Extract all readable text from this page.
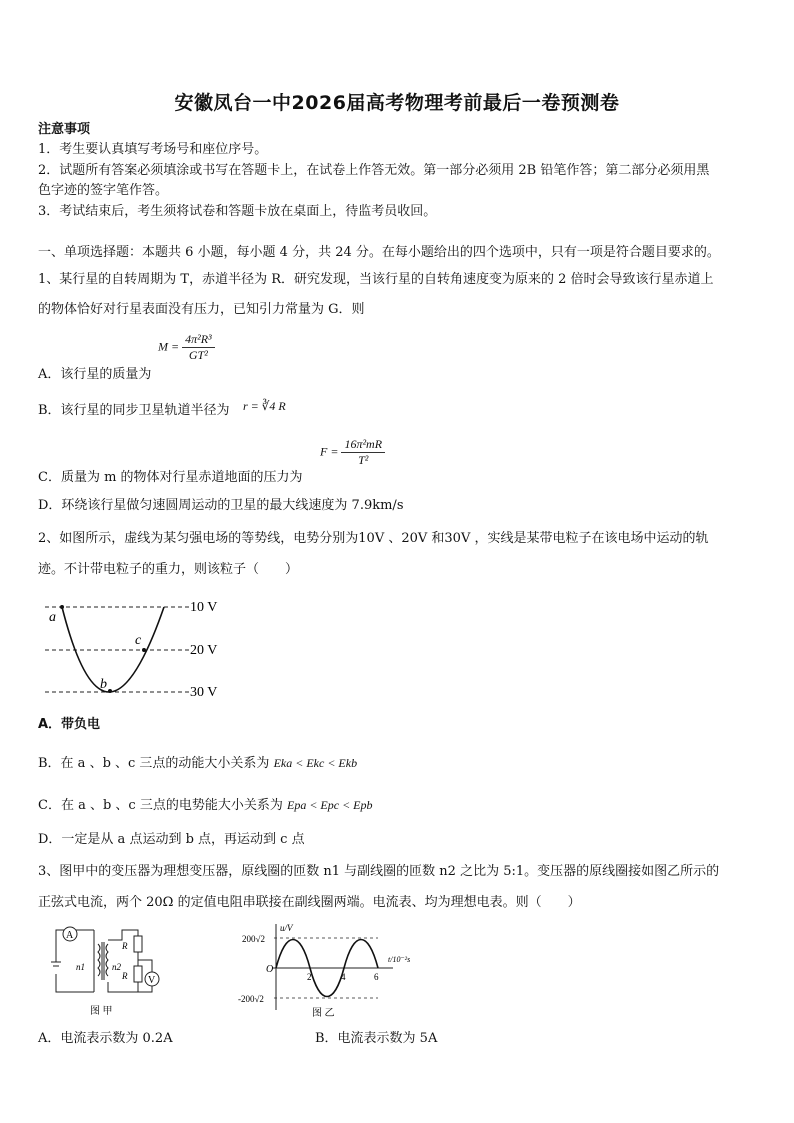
安徽凤台一中2026届高考物理考前最后一卷预测卷
注意事项
1．考生要认真填写考场号和座位序号。
2．试题所有答案必须填涂或书写在答题卡上，在试卷上作答无效。第一部分必须用 2B 铅笔作答；第二部分必须用黑
色字迹的签字笔作答。
3．考试结束后，考生须将试卷和答题卡放在桌面上，待监考员收回。
一、单项选择题：本题共 6 小题，每小题 4 分，共 24 分。在每小题给出的四个选项中，只有一项是符合题目要求的。
1、某行星的自转周期为 T，赤道半径为 R．研究发现，当该行星的自转角速度变为原来的 2 倍时会导致该行星赤道上
的物体恰好对行星表面没有压力，已知引力常量为 G．则
A．该行星的质量为
$M = \frac{\text{4π²R³}}{\text{GT²}}$
B．该行星的同步卫星轨道半径为 r = ∛4 R
C．质量为 m 的物体对行星赤道地面的压力为
$F = \frac{\text{16π²mR}}{\text{T²}}$
D．环绕该行星做匀速圆周运动的卫星的最大线速度为 7.9km/s
2、如图所示，虚线为某匀强电场的等势线，电势分别为10V 、20V 和30V ，实线是某带电粒子在该电场中运动的轨
迹。不计带电粒子的重力，则该粒子（　　）
a
b
c
10 V
20 V
30 V
A．带负电
B．在 a 、b 、c 三点的动能大小关系为 Eka < Ekc < Ekb
C．在 a 、b 、c 三点的电势能大小关系为 Epa < Epc < Epb
D．一定是从 a 点运动到 b 点，再运动到 c 点
3、图甲中的变压器为理想变压器，原线圈的匝数 n1 与副线圈的匝数 n2 之比为 5:1。变压器的原线圈接如图乙所示的
正弦式电流，两个 20Ω 的定值电阻串联接在副线圈两端。电流表、均为理想电表。则（　　）
A
n1	n2
R
R V
图 甲
u/V
200√2
-200√2
O
t/10⁻²s
2	4	6
图 乙
A．电流表示数为 0.2A	B．电流表示数为 5A
